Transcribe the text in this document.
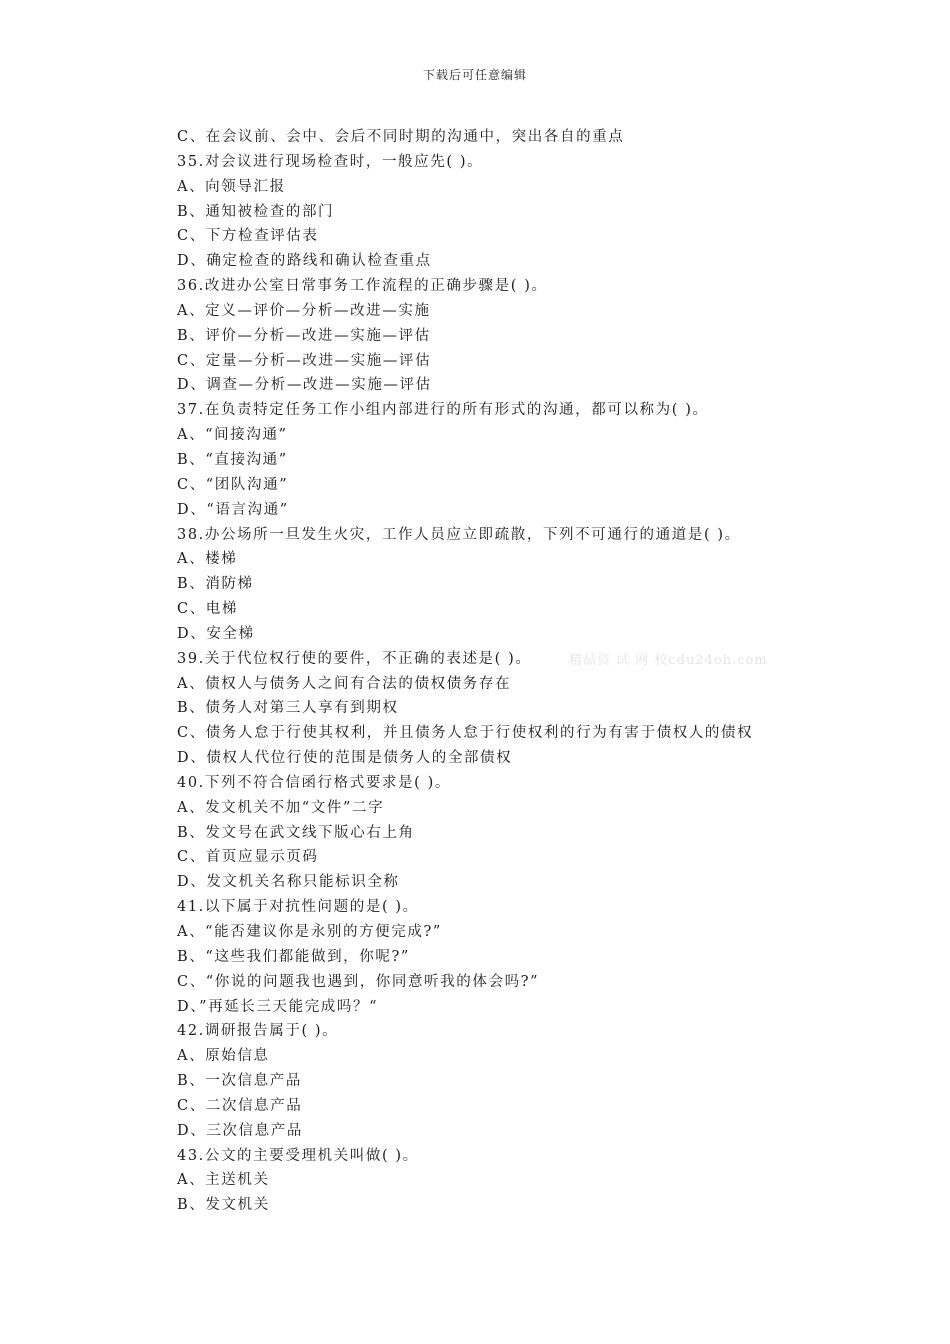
下载后可任意编辑
精品资 试 网 校cdu24oh.com
C、在会议前、会中、会后不同时期的沟通中，突出各自的重点
35.对会议进行现场检查时，一般应先( )。
A、向领导汇报
B、通知被检查的部门
C、下方检查评估表
D、确定检查的路线和确认检查重点
36.改进办公室日常事务工作流程的正确步骤是( )。
A、定义—评价—分析—改进—实施
B、评价—分析—改进—实施—评估
C、定量—分析—改进—实施—评估
D、调查—分析—改进—实施—评估
37.在负责特定任务工作小组内部进行的所有形式的沟通，都可以称为( )。
A、“间接沟通”
B、“直接沟通”
C、“团队沟通”
D、“语言沟通”
38.办公场所一旦发生火灾，工作人员应立即疏散，下列不可通行的通道是( )。
A、楼梯
B、消防梯
C、电梯
D、安全梯
39.关于代位权行使的要件，不正确的表述是( )。
A、债权人与债务人之间有合法的债权债务存在
B、债务人对第三人享有到期权
C、债务人怠于行使其权利，并且债务人怠于行使权利的行为有害于债权人的债权
D、债权人代位行使的范围是债务人的全部债权
40.下列不符合信函行格式要求是( )。
A、发文机关不加“文件”二字
B、发文号在武文线下版心右上角
C、首页应显示页码
D、发文机关名称只能标识全称
41.以下属于对抗性问题的是( )。
A、“能否建议你是永别的方便完成?”
B、“这些我们都能做到，你呢?”
C、“你说的问题我也遇到，你同意听我的体会吗?”
D、”再延长三天能完成吗？“
42.调研报告属于( )。
A、原始信息
B、一次信息产品
C、二次信息产品
D、三次信息产品
43.公文的主要受理机关叫做( )。
A、主送机关
B、发文机关
